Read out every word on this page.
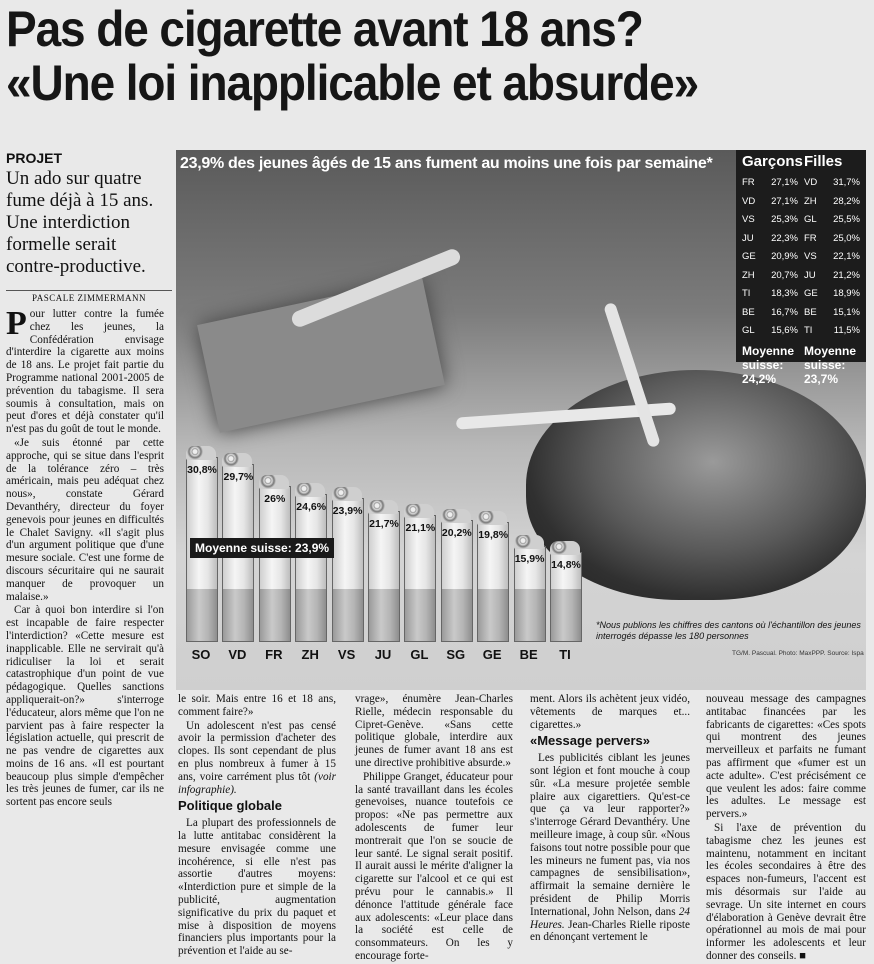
Pas de cigarette avant 18 ans?
«Une loi inapplicable et absurde»
PROJET
Un ado sur quatre fume déjà à 15 ans. Une interdiction formelle serait contre-productive.
PASCALE ZIMMERMANN

Pour lutter contre la fumée chez les jeunes, la Confédération envisage d'interdire la cigarette aux moins de 18 ans. Le projet fait partie du Programme national 2001-2005 de prévention du tabagisme. Il sera soumis à consultation, mais on peut d'ores et déjà constater qu'il n'est pas du goût de tout le monde.

«Je suis étonné par cette approche, qui se situe dans l'esprit de la tolérance zéro – très américain, mais peu adéquat chez nous», constate Gérard Devanthéry, directeur du foyer genevois pour jeunes en difficultés le Chalet Savigny. «Il s'agit plus d'un argument politique que d'une mesure sociale. C'est une forme de discours sécuritaire qui ne saurait manquer de provoquer un malaise.»

Car à quoi bon interdire si l'on est incapable de faire respecter l'interdiction? «Cette mesure est inapplicable. Elle ne servirait qu'à ridiculiser la loi et serait catastrophique d'un point de vue pédagogique. Quelles sanctions appliquerait-on?» s'interroge l'éducateur, alors même que l'on ne parvient pas à faire respecter la législation actuelle, qui prescrit de ne pas vendre de cigarettes aux moins de 16 ans. «Il est pourtant beaucoup plus simple d'empêcher les très jeunes de fumer, car ils ne sortent pas encore seuls

23,9% des jeunes âgés de 15 ans fument au moins une fois par semaine* Garçons Filles
FR 27,1% VD 31,7%
VD 27,1% ZH 28,2%
VS 25,3% GL 25,5%
JU 22,3% FR 25,0%
GE 20,9% VS 22,1%
ZH 20,7% JU 21,2%
TI 18,3% GE 18,9%
BE 16,7% BE 15,1%
GL 15,6% TI 11,5%
Moyenne suisse:
24,2%
Moyenne suisse:
23,7%
30,8%
29,7%
26%
24,6% 23,9%
21,7% 21,1% 20,2% 19,8%
15,9% 14,8%
SO	VD	FR	ZH	VS	JU	GL	SG	GE	BE	TI
Moyenne suisse: 23,9%
*Nous publions les chiffres des cantons où l'échantillon des jeunes interrogés dépasse les 180 personnes
TG/M. Pascual. Photo: MaxPPP. Source: Ispa

le soir. Mais entre 16 et 18 ans, comment faire?»

Un adolescent n'est pas censé avoir la permission d'acheter des clopes. Ils sont cependant de plus en plus nombreux à fumer à 15 ans, voire carrément plus tôt (voir infographie).

Politique globale

La plupart des professionnels de la lutte antitabac considèrent la mesure envisagée comme une incohérence, si elle n'est pas assortie d'autres moyens: «Interdiction pure et simple de la publicité, augmentation significative du prix du paquet et mise à disposition de moyens financiers plus importants pour la prévention et l'aide au se-

vrage», énumère Jean-Charles Rielle, médecin responsable du Cipret-Genève. «Sans cette politique globale, interdire aux jeunes de fumer avant 18 ans est une directive prohibitive absurde.»

Philippe Granget, éducateur pour la santé travaillant dans les écoles genevoises, nuance toutefois ce propos: «Ne pas permettre aux adolescents de fumer leur montrerait que l'on se soucie de leur santé. Le signal serait positif. Il aurait aussi le mérite d'aligner la cigarette sur l'alcool et ce qui est prévu pour le cannabis.» Il dénonce l'attitude générale face aux adolescents: «Leur place dans la société est celle de consommateurs. On les y encourage forte-

ment. Alors ils achètent jeux vidéo, vêtements de marques et... cigarettes.»

«Message pervers»

Les publicités ciblant les jeunes sont légion et font mouche à coup sûr. «La mesure projetée semble plaire aux cigarettiers. Qu'est-ce que ça va leur rapporter?» s'interroge Gérard Devanthéry. Une meilleure image, à coup sûr. «Nous faisons tout notre possible pour que les mineurs ne fument pas, via nos campagnes de sensibilisation», affirmait la semaine dernière le président de Philip Morris International, John Nelson, dans 24 Heures. Jean-Charles Rielle riposte en dénonçant vertement le

nouveau message des campagnes antitabac financées par les fabricants de cigarettes: «Ces spots qui montrent des jeunes merveilleux et parfaits ne fumant pas affirment que «fumer est un acte adulte». C'est précisément ce que veulent les ados: faire comme les adultes. Le message est pervers.»

Si l'axe de prévention du tabagisme chez les jeunes est maintenu, notamment en incitant les écoles secondaires à être des espaces non-fumeurs, l'accent est mis désormais sur l'aide au sevrage. Un site internet en cours d'élaboration à Genève devrait être opérationnel au mois de mai pour informer les adolescents et leur donner des conseils. ■
